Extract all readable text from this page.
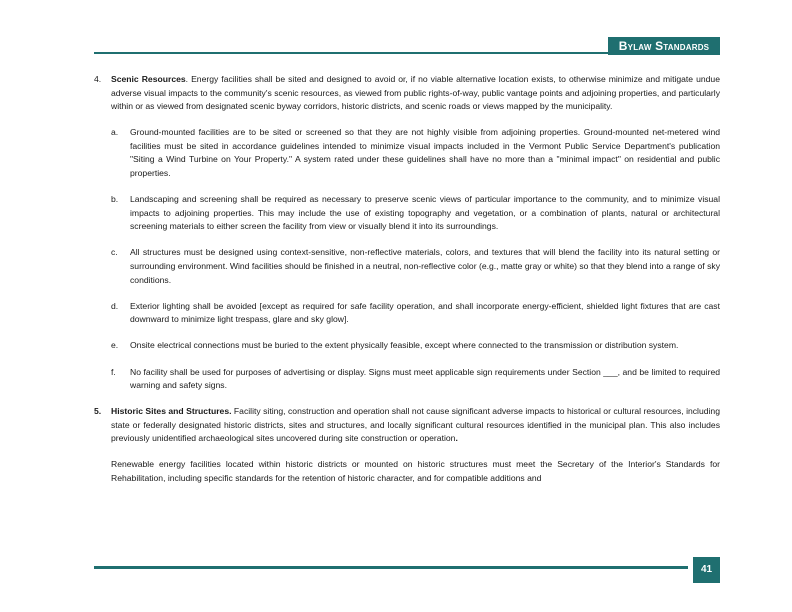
Bylaw Standards
4.	Scenic Resources. Energy facilities shall be sited and designed to avoid or, if no viable alternative location exists, to otherwise minimize and mitigate undue adverse visual impacts to the community's scenic resources, as viewed from public rights-of-way, public vantage points and adjoining properties, and particularly within or as viewed from designated scenic byway corridors, historic districts, and scenic roads or views mapped by the municipality.
a.	Ground-mounted facilities are to be sited or screened so that they are not highly visible from adjoining properties. Ground-mounted net-metered wind facilities must be sited in accordance guidelines intended to minimize visual impacts included in the Vermont Public Service Department's publication "Siting a Wind Turbine on Your Property." A system rated under these guidelines shall have no more than a "minimal impact" on residential and public properties.
b.	Landscaping and screening shall be required as necessary to preserve scenic views of particular importance to the community, and to minimize visual impacts to adjoining properties. This may include the use of existing topography and vegetation, or a combination of plants, natural or architectural screening materials to either screen the facility from view or visually blend it into its surroundings.
c.	All structures must be designed using context-sensitive, non-reflective materials, colors, and textures that will blend the facility into its natural setting or surrounding environment. Wind facilities should be finished in a neutral, non-reflective color (e.g., matte gray or white) so that they blend into a range of sky conditions.
d.	Exterior lighting shall be avoided [except as required for safe facility operation, and shall incorporate energy-efficient, shielded light fixtures that are cast downward to minimize light trespass, glare and sky glow].
e.	Onsite electrical connections must be buried to the extent physically feasible, except where connected to the transmission or distribution system.
f.	No facility shall be used for purposes of advertising or display. Signs must meet applicable sign requirements under Section ___, and be limited to required warning and safety signs.
5.	Historic Sites and Structures. Facility siting, construction and operation shall not cause significant adverse impacts to historical or cultural resources, including state or federally designated historic districts, sites and structures, and locally significant cultural resources identified in the municipal plan. This also includes previously unidentified archaeological sites uncovered during site construction or operation.
Renewable energy facilities located within historic districts or mounted on historic structures must meet the Secretary of the Interior's Standards for Rehabilitation, including specific standards for the retention of historic character, and for compatible additions and
41
